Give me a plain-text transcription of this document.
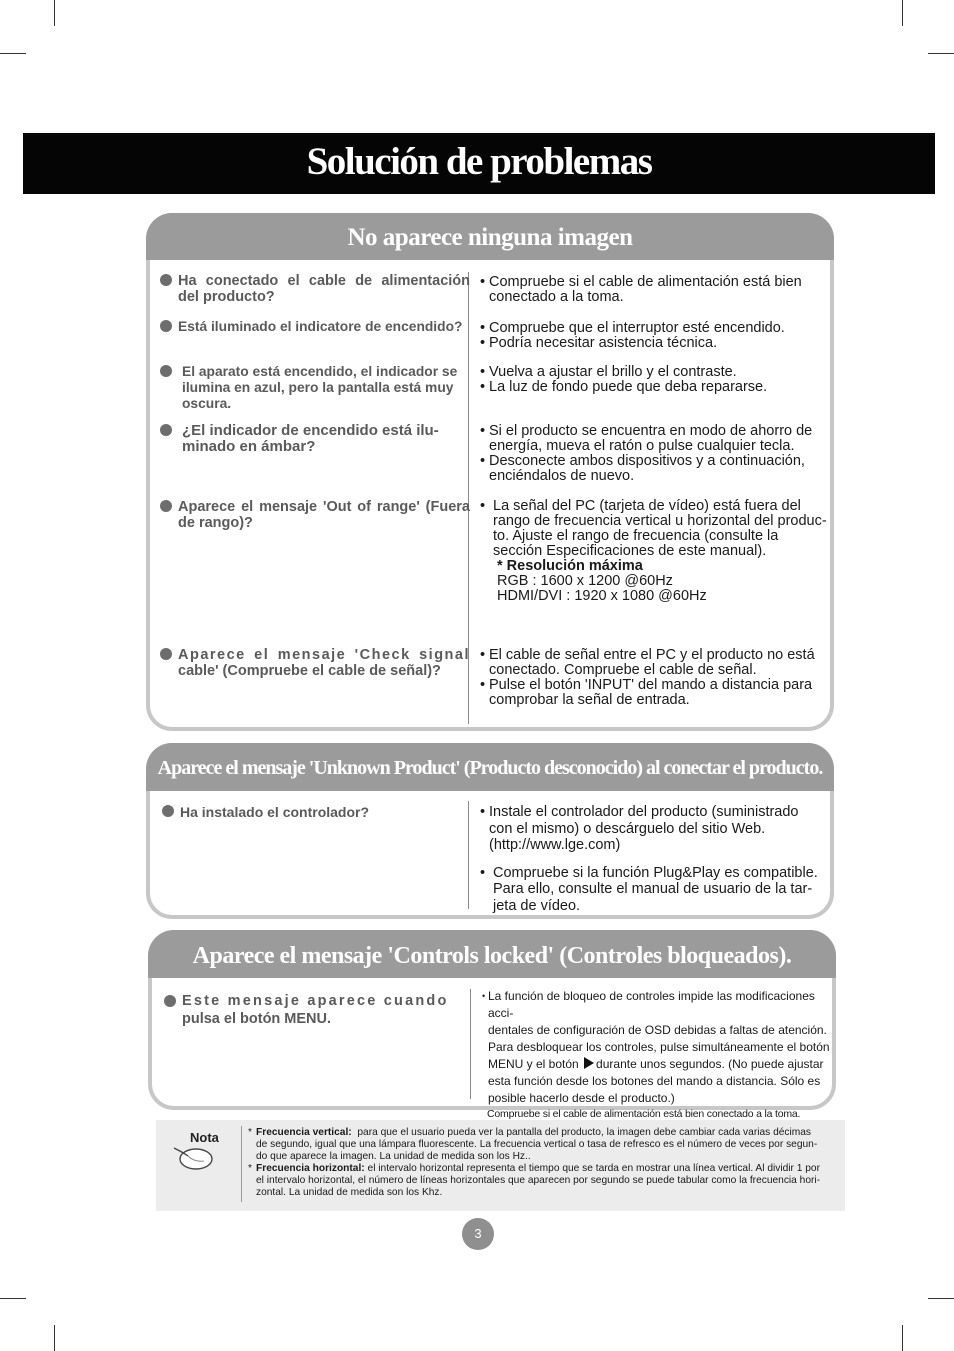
Solución de problemas
No aparece ninguna imagen
Ha conectado el cable de alimentación
del producto?
• Compruebe si el cable de alimentación está bien
conectado a la toma.
Está iluminado el indicatore de encendido?	• Compruebe que el interruptor esté encendido.
• Podría necesitar asistencia técnica.
El aparato está encendido, el indicador se
ilumina en azul, pero la pantalla está muy
oscura.
• Vuelva a ajustar el brillo y el contraste.
• La luz de fondo puede que deba repararse.
¿El indicador de encendido está ilu-
minado en ámbar?
• Si el producto se encuentra en modo de ahorro de
energía, mueva el ratón o pulse cualquier tecla.
• Desconecte ambos dispositivos y a continuación,
enciéndalos de nuevo.
Aparece el mensaje 'Out of range' (Fuera
de rango)?
• La señal del PC (tarjeta de vídeo) está fuera del
rango de frecuencia vertical u horizontal del produc-
to. Ajuste el rango de frecuencia (consulte la
sección Especificaciones de este manual).
* Resolución máxima
RGB : 1600 x 1200 @60Hz
HDMI/DVI : 1920 x 1080 @60Hz
Aparece el mensaje 'Check signal
cable' (Compruebe el cable de señal)?
• El cable de señal entre el PC y el producto no está
conectado. Compruebe el cable de señal.
• Pulse el botón 'INPUT' del mando a distancia para
comprobar la señal de entrada.
Aparece el mensaje 'Unknown Product' (Producto desconocido) al conectar el producto.
Ha instalado el controlador?	• Instale el controlador del producto (suministrado
con el mismo) o descárguelo del sitio Web.
(http://www.lge.com)
• Compruebe si la función Plug&Play es compatible.
Para ello, consulte el manual de usuario de la tar-
jeta de vídeo.
Aparece el mensaje 'Controls locked' (Controles bloqueados).
Este mensaje aparece cuando
pulsa el botón MENU.
• La función de bloqueo de controles impide las modificaciones acci-
dentales de configuración de OSD debidas a faltas de atención.
Para desbloquear los controles, pulse simultáneamente el botón
MENU y el botón durante unos segundos. (No puede ajustar
esta función desde los botones del mando a distancia. Sólo es
posible hacerlo desde el producto.)
Compruebe si el cable de alimentación está bien conectado a la toma.
Nota	* Frecuencia vertical: para que el usuario pueda ver la pantalla del producto, la imagen debe cambiar cada varias décimas
de segundo, igual que una lámpara fluorescente. La frecuencia vertical o tasa de refresco es el número de veces por segun-
do que aparece la imagen. La unidad de medida son los Hz..
* Frecuencia horizontal: el intervalo horizontal representa el tiempo que se tarda en mostrar una línea vertical. Al dividir 1 por
el intervalo horizontal, el número de líneas horizontales que aparecen por segundo se puede tabular como la frecuencia hori-
zontal. La unidad de medida son los Khz.
3
